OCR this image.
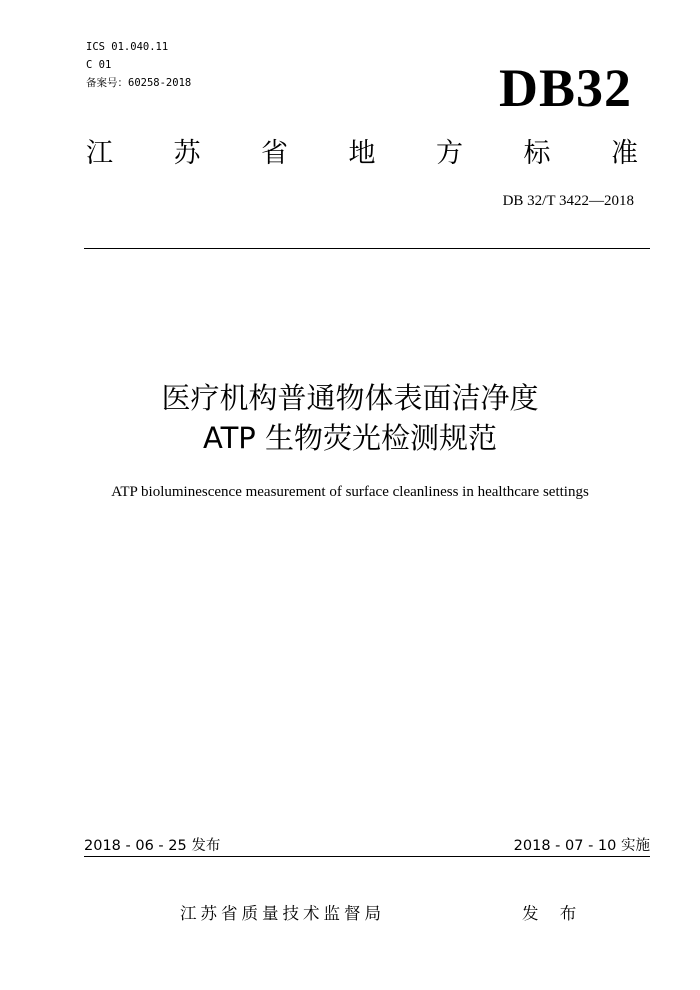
ICS 01.040.11
C 01
备案号：60258-2018	DB32
江 苏 省 地 方 标 准
DB 32/T 3422—2018
医疗机构普通物体表面洁净度
ATP 生物荧光检测规范
ATP bioluminescence measurement of surface cleanliness in healthcare settings
2018 - 06 - 25 发布	2018 - 07 - 10 实施
江苏省质量技术监督局	发 布
